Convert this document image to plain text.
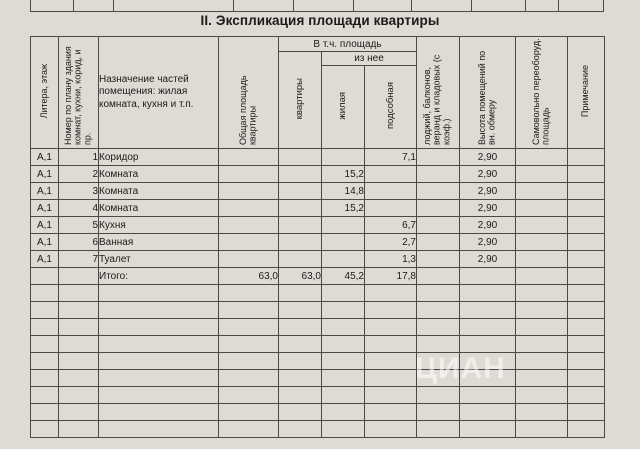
II. Экспликация площади квартиры
Литера, этаж	Номер по плану здания комнат, кухни, корид, и пр.	Назначение частей помещения: жилая комната, кухня и т.п.	Общая площадь квартиры	В т.ч. площадь			лоджий, балконов, веранд и кладовых (с коэф.)	Высота помещений по вн. обмеру	Самовольно переоборуд. площадь	Примечание
				квартиры	из нее					
					жилая	подсобная				
А,1	1	Коридор				7,1		2,90		
А,1	2	Комната			15,2			2,90		
А,1	3	Комната			14,8			2,90		
А,1	4	Комната			15,2			2,90		
А,1	5	Кухня				6,7		2,90		
А,1	6	Ванная				2,7		2,90		
А,1	7	Туалет				1,3		2,90		
		Итого:	63,0	63,0	45,2	17,8				

ЦИАН
